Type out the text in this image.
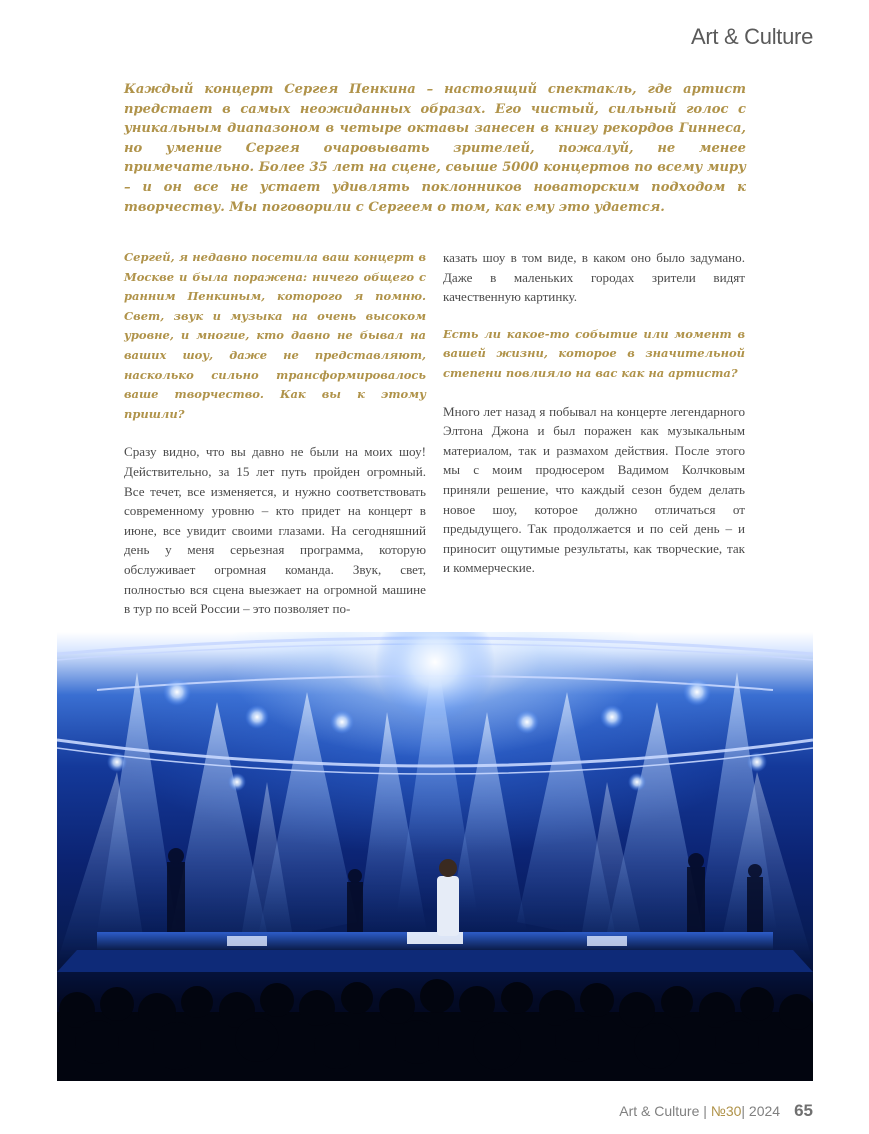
Art & Culture

Каждый концерт Сергея Пенкина – настоящий спектакль, где артист предстает в самых неожиданных образах. Его чистый, сильный голос с уникальным диапазоном в четыре октавы занесен в книгу рекордов Гиннеса, но умение Сергея очаровывать зрителей, пожалуй, не менее примечательно. Более 35 лет на сцене, свыше 5000 концертов по всему миру – и он все не устает удивлять поклонников новаторским подходом к творчеству. Мы поговорили с Сергеем о том, как ему это удается.

Сергей, я недавно посетила ваш концерт в Москве и была поражена: ничего общего с ранним Пенкиным, которого я помню. Свет, звук и музыка на очень высоком уровне, и многие, кто давно не бывал на ваших шоу, даже не представляют, насколько сильно трансформировалось ваше творчество. Как вы к этому пришли?

Сразу видно, что вы давно не были на моих шоу! Действительно, за 15 лет путь пройден огромный. Все течет, все изменяется, и нужно соответствовать современному уровню – кто придет на концерт в июне, все увидит своими глазами. На сегодняшний день у меня серьезная программа, которую обслуживает огромная команда. Звук, свет, полностью вся сцена выезжает на огромной машине в тур по всей России – это позволяет по-

казать шоу в том виде, в каком оно было задумано. Даже в маленьких городах зрители видят качественную картинку.

Есть ли какое-то событие или момент в вашей жизни, которое в значительной степени повлияло на вас как на артиста?

Много лет назад я побывал на концерте легендарного Элтона Джона и был поражен как музыкальным материалом, так и размахом действия. После этого мы с моим продюсером Вадимом Колчковым приняли решение, что каждый сезон будем делать новое шоу, которое должно отличаться от предыдущего. Так продолжается и по сей день – и приносит ощутимые результаты, как творческие, так и коммерческие.

Art & Culture | №30| 2024 65
